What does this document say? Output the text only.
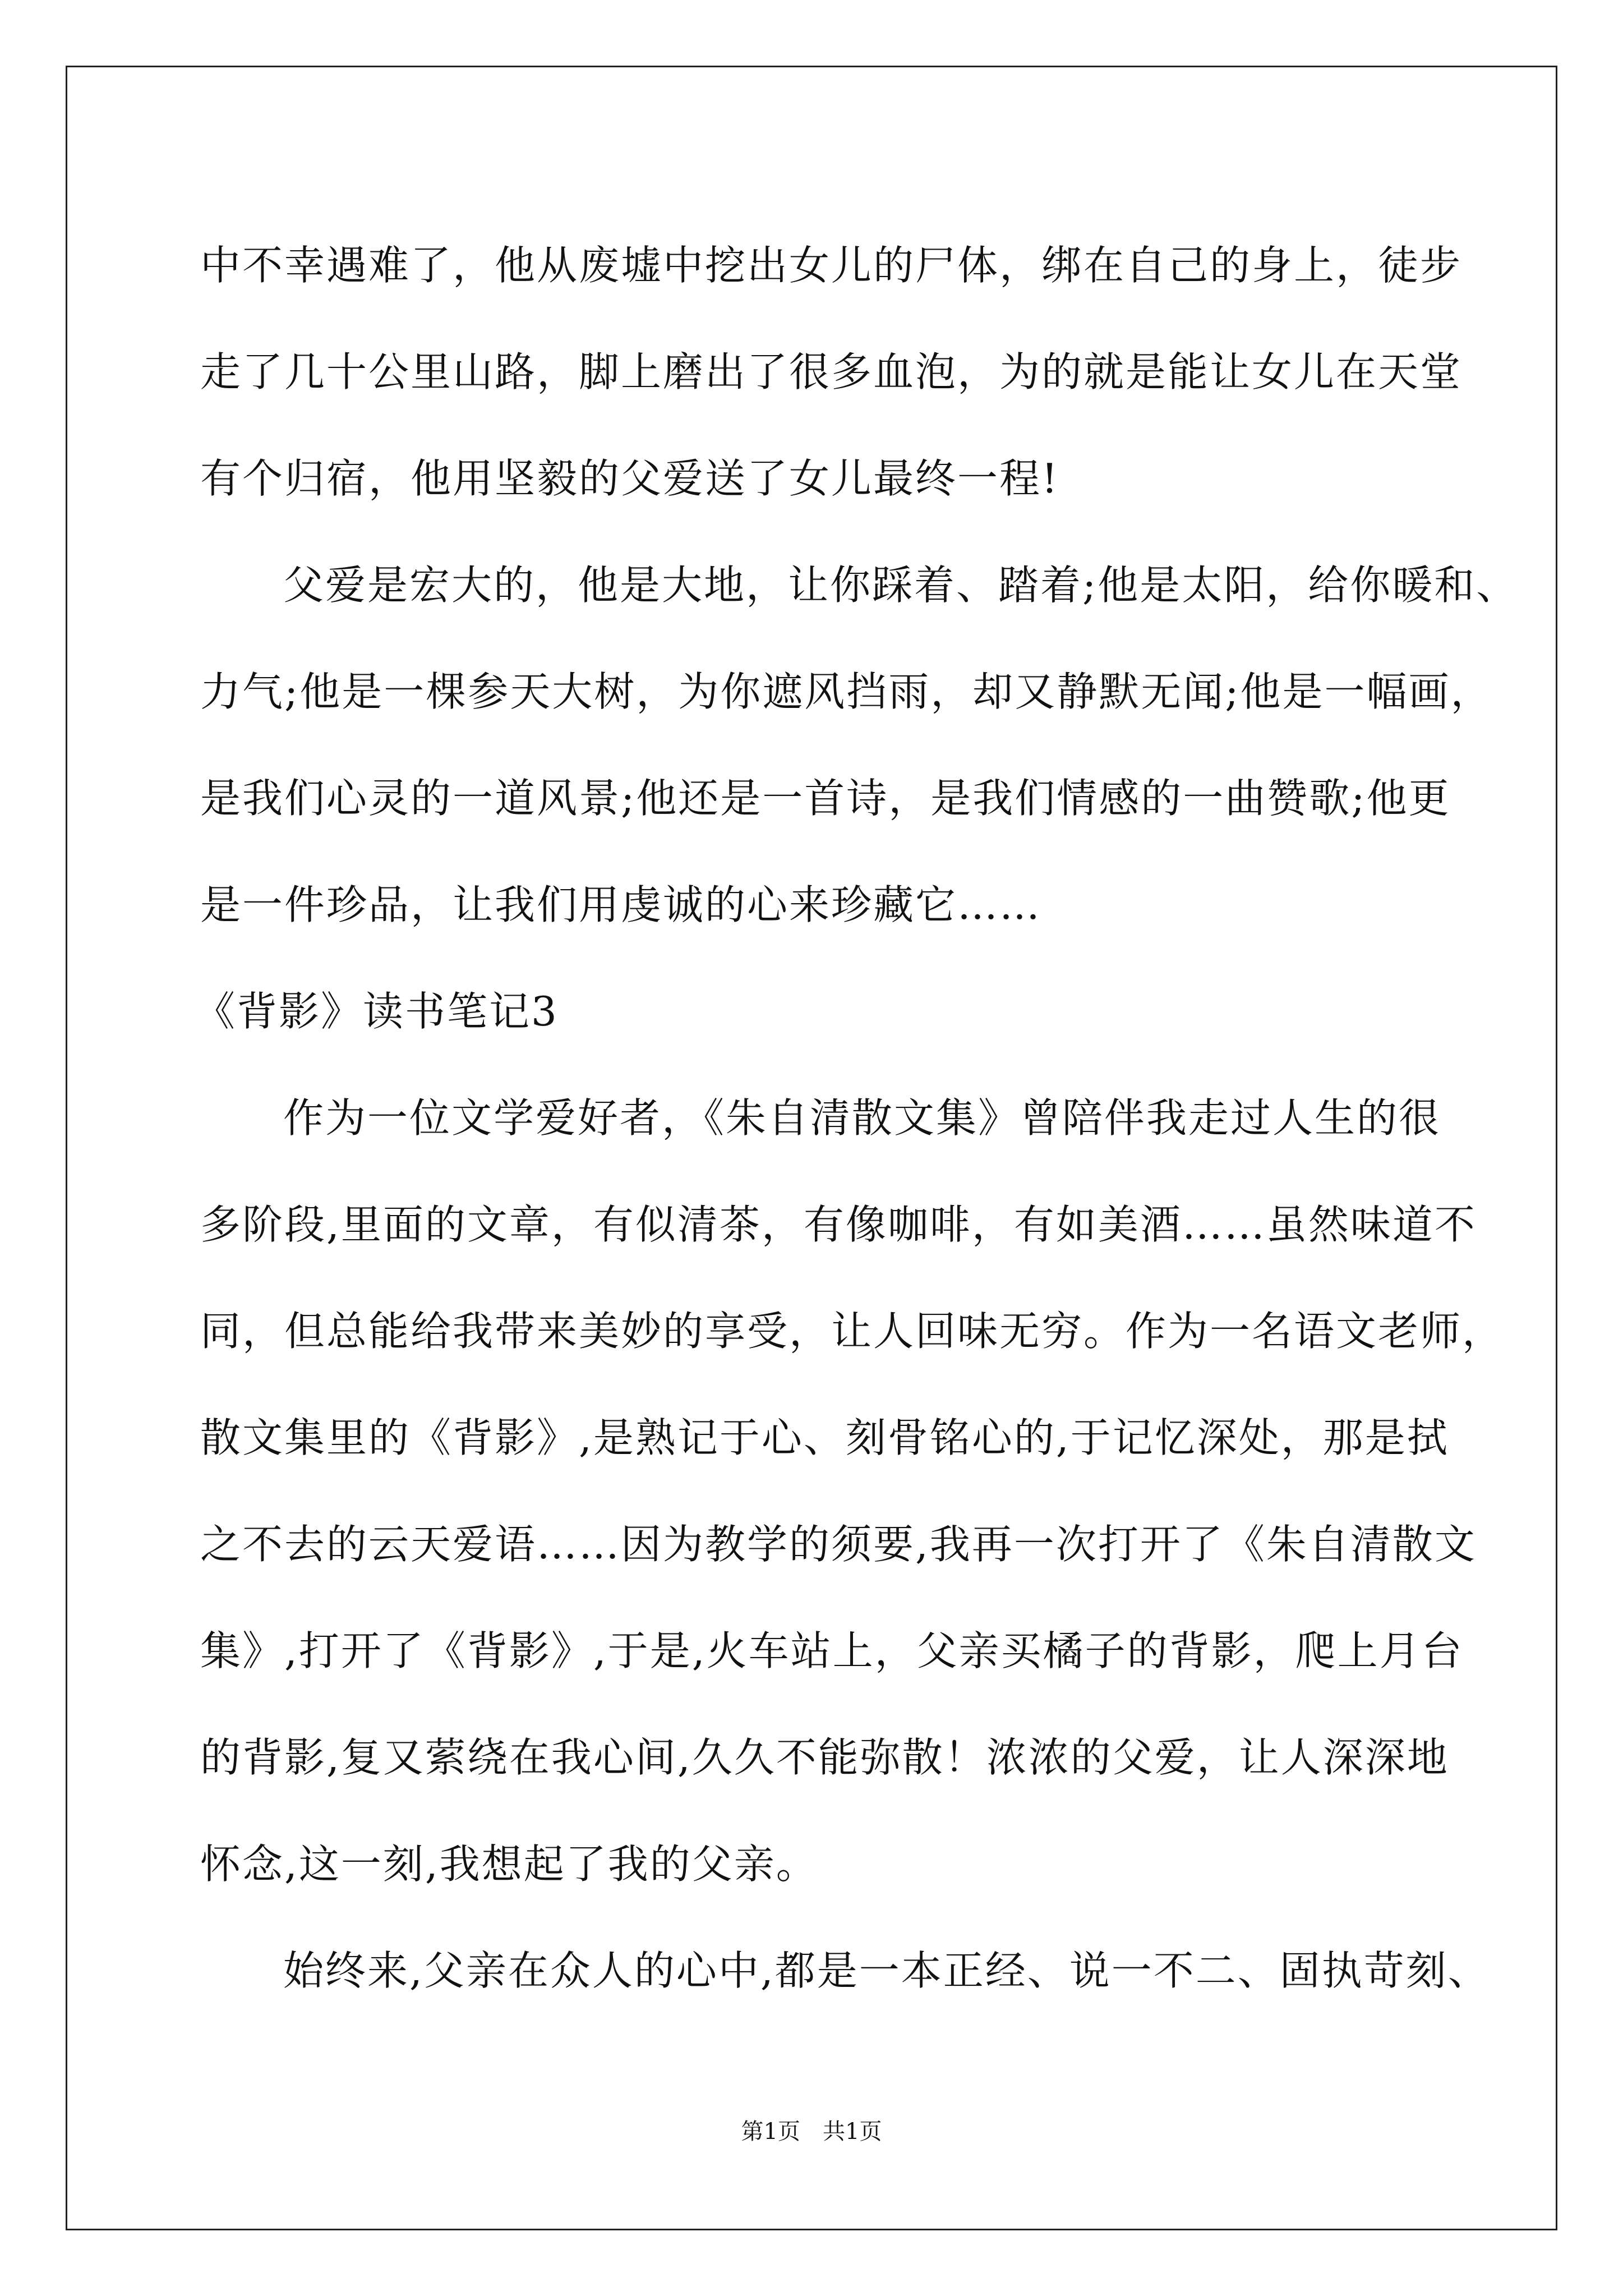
中不幸遇难了，他从废墟中挖出女儿的尸体，绑在自己的身上，徒步
走了几十公里山路，脚上磨出了很多血泡，为的就是能让女儿在天堂
有个归宿，他用坚毅的父爱送了女儿最终一程!
父爱是宏大的，他是大地，让你踩着、踏着;他是太阳，给你暖和、
力气;他是一棵参天大树，为你遮风挡雨，却又静默无闻;他是一幅画，
是我们心灵的一道风景;他还是一首诗，是我们情感的一曲赞歌;他更
是一件珍品，让我们用虔诚的心来珍藏它……
《背影》读书笔记3
作为一位文学爱好者，《朱自清散文集》曾陪伴我走过人生的很
多阶段,里面的文章，有似清茶，有像咖啡，有如美酒……虽然味道不
同，但总能给我带来美妙的享受，让人回味无穷。作为一名语文老师，
散文集里的《背影》,是熟记于心、刻骨铭心的,于记忆深处，那是拭
之不去的云天爱语……因为教学的须要,我再一次打开了《朱自清散文
集》,打开了《背影》,于是,火车站上，父亲买橘子的背影，爬上月台
的背影,复又萦绕在我心间,久久不能弥散！浓浓的父爱，让人深深地
怀念,这一刻,我想起了我的父亲。
始终来,父亲在众人的心中,都是一本正经、说一不二、固执苛刻、
第1页　共1页
